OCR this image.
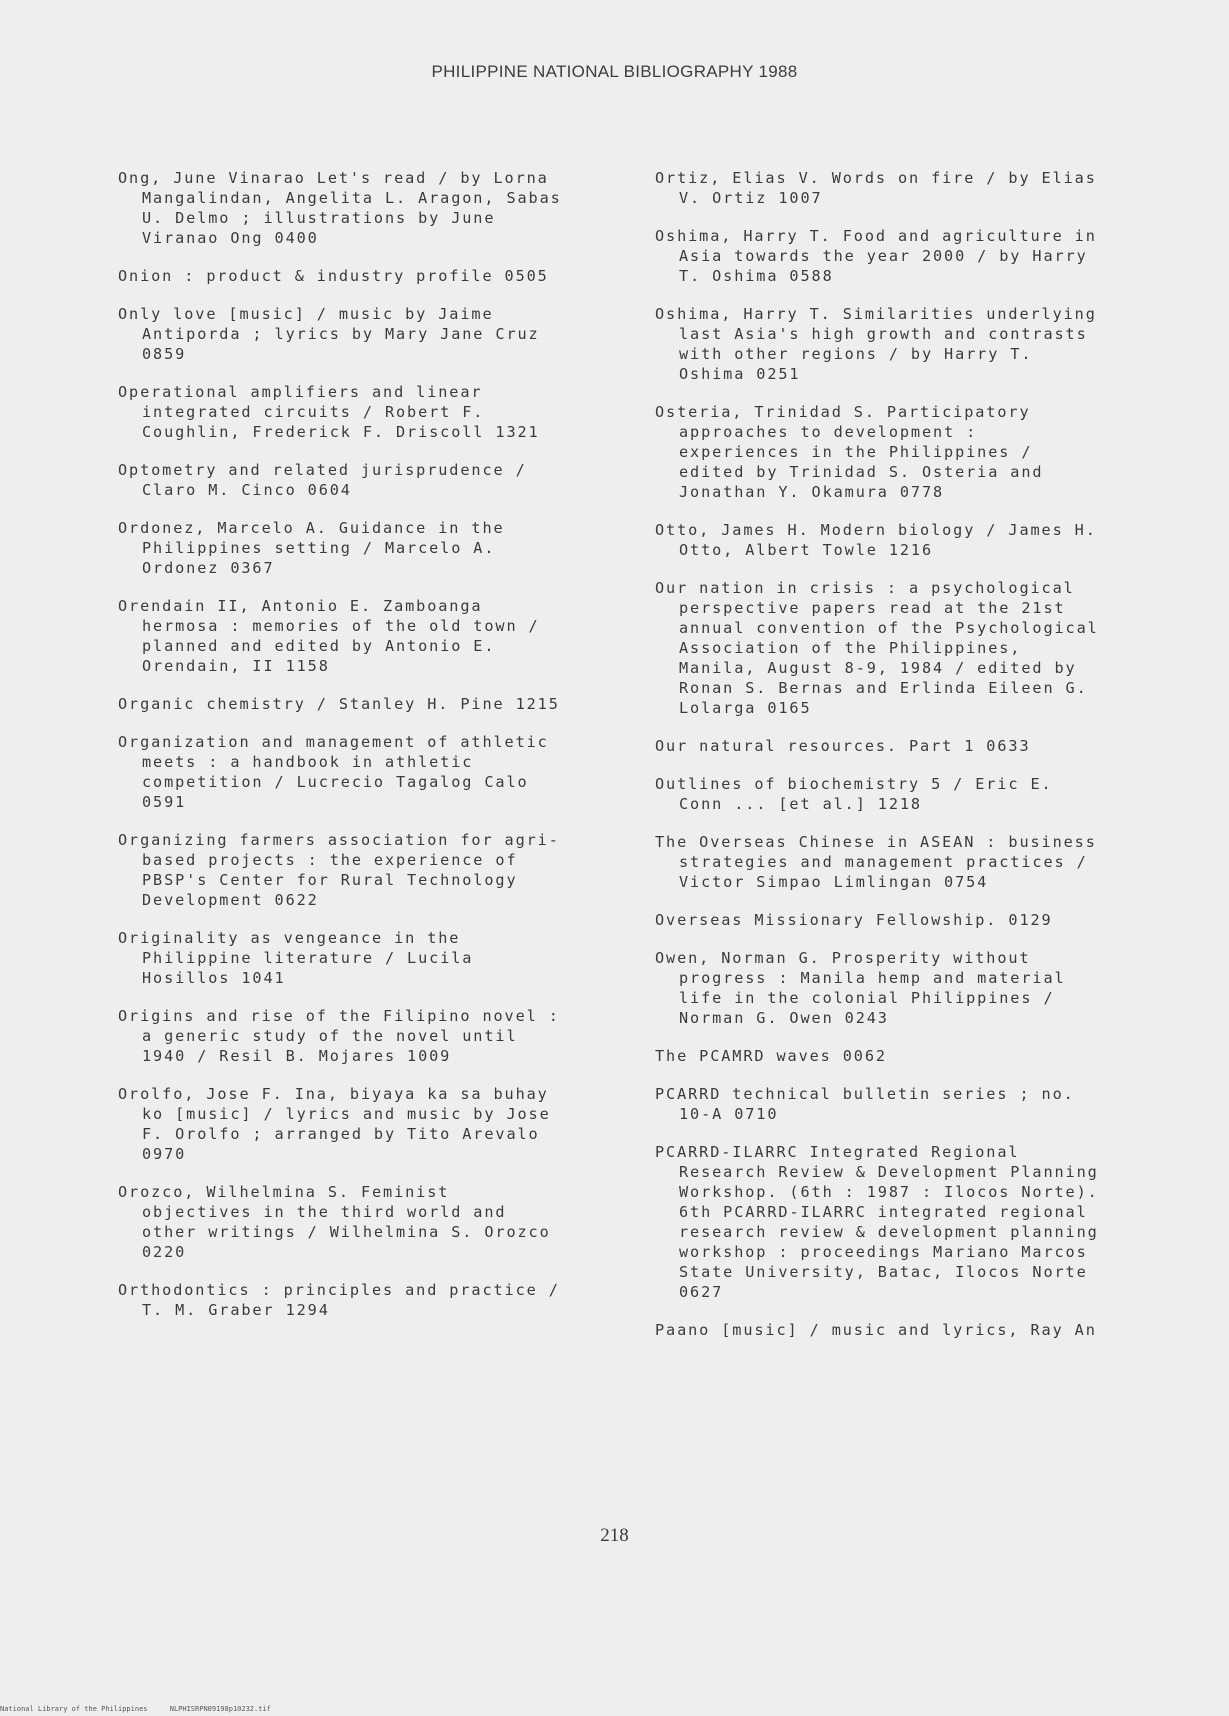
PHILIPPINE NATIONAL BIBLIOGRAPHY 1988

Ong, June Vinarao Let's read / by Lorna
Mangalindan, Angelita L. Aragon, Sabas
U. Delmo ; illustrations by June
Viranao Ong 0400

Onion : product & industry profile 0505

Only love [music] / music by Jaime
Antiporda ; lyrics by Mary Jane Cruz
0859

Operational amplifiers and linear
integrated circuits / Robert F.
Coughlin, Frederick F. Driscoll 1321

Optometry and related jurisprudence /
Claro M. Cinco 0604

Ordonez, Marcelo A. Guidance in the
Philippines setting / Marcelo A.
Ordonez 0367

Orendain II, Antonio E. Zamboanga
hermosa : memories of the old town /
planned and edited by Antonio E.
Orendain, II 1158

Organic chemistry / Stanley H. Pine 1215

Organization and management of athletic
meets : a handbook in athletic
competition / Lucrecio Tagalog Calo
0591

Organizing farmers association for agri-
based projects : the experience of
PBSP's Center for Rural Technology
Development 0622

Originality as vengeance in the
Philippine literature / Lucila
Hosillos 1041

Origins and rise of the Filipino novel :
a generic study of the novel until
1940 / Resil B. Mojares 1009

Orolfo, Jose F. Ina, biyaya ka sa buhay
ko [music] / lyrics and music by Jose
F. Orolfo ; arranged by Tito Arevalo
0970

Orozco, Wilhelmina S. Feminist
objectives in the third world and
other writings / Wilhelmina S. Orozco
0220

Orthodontics : principles and practice /
T. M. Graber 1294

Ortiz, Elias V. Words on fire / by Elias
V. Ortiz 1007

Oshima, Harry T. Food and agriculture in
Asia towards the year 2000 / by Harry
T. Oshima 0588

Oshima, Harry T. Similarities underlying
last Asia's high growth and contrasts
with other regions / by Harry T.
Oshima 0251

Osteria, Trinidad S. Participatory
approaches to development :
experiences in the Philippines /
edited by Trinidad S. Osteria and
Jonathan Y. Okamura 0778

Otto, James H. Modern biology / James H.
Otto, Albert Towle 1216

Our nation in crisis : a psychological
perspective papers read at the 21st
annual convention of the Psychological
Association of the Philippines,
Manila, August 8-9, 1984 / edited by
Ronan S. Bernas and Erlinda Eileen G.
Lolarga 0165

Our natural resources. Part 1 0633

Outlines of biochemistry 5 / Eric E.
Conn ... [et al.] 1218

The Overseas Chinese in ASEAN : business
strategies and management practices /
Victor Simpao Limlingan 0754

Overseas Missionary Fellowship. 0129

Owen, Norman G. Prosperity without
progress : Manila hemp and material
life in the colonial Philippines /
Norman G. Owen 0243

The PCAMRD waves 0062

PCARRD technical bulletin series ; no.
10-A 0710

PCARRD-ILARRC Integrated Regional
Research Review & Development Planning
Workshop. (6th : 1987 : Ilocos Norte).
6th PCARRD-ILARRC integrated regional
research review & development planning
workshop : proceedings Mariano Marcos
State University, Batac, Ilocos Norte
0627

Paano [music] / music and lyrics, Ray An

218
National Library of the Philippines	NLPHISRPN09198p10232.tif
